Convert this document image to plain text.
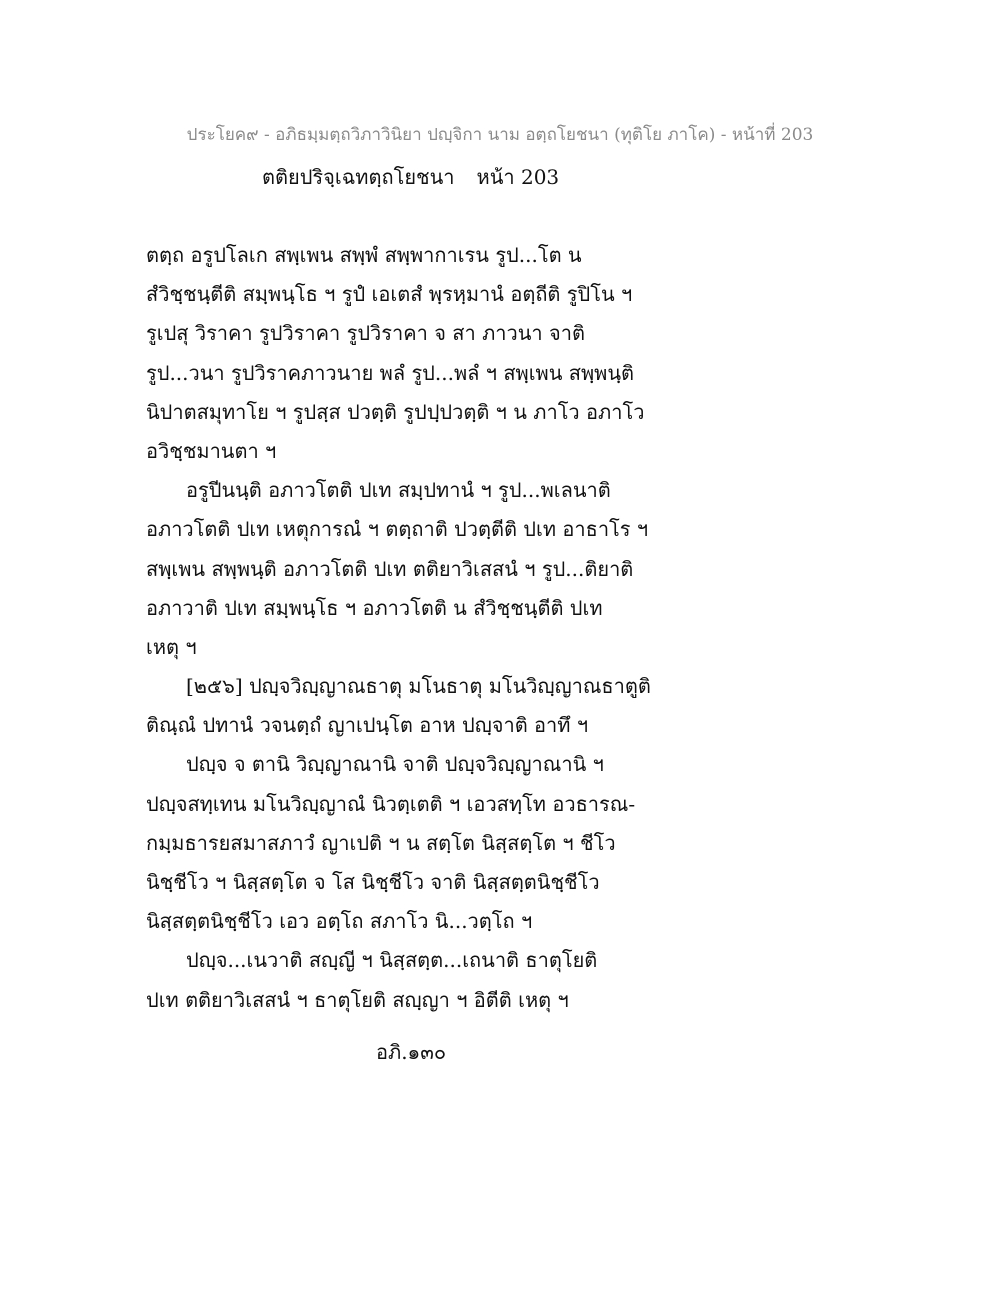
ประโยค๙ - อภิธมฺมตฺถวิภาวินิยา ปญฺจิกา นาม อตฺถโยชนา (ทุติโย ภาโค) - หน้าที่ 203
ตติยปริจฺเฉทตฺถโยชนา หน้า 203
ตตฺถ อรูปโลเก สพฺเพน สพฺพํ สพฺพากาเรน รูป...โต น
สํวิชฺชนฺตีติ สมฺพนฺโธ ฯ รูปํ เอเตสํ พฺรหฺมานํ อตฺถีติ รูปิโน ฯ
รูเปสุ วิราคา รูปวิราคา รูปวิราคา จ สา ภาวนา จาติ
รูป...วนา รูปวิราคภาวนาย พลํ รูป...พลํ ฯ สพฺเพน สพฺพนฺติ
นิปาตสมุทาโย ฯ รูปสฺส ปวตฺติ รูปปฺปวตฺติ ฯ น ภาโว อภาโว
อวิชฺชมานตา ฯ
อรูปีนนฺติ อภาวโตติ ปเท สมฺปทานํ ฯ รูป...พเลนาติ
อภาวโตติ ปเท เหตุการณํ ฯ ตตฺถาติ ปวตฺตีติ ปเท อาธาโร ฯ
สพฺเพน สพฺพนฺติ อภาวโตติ ปเท ตติยาวิเสสนํ ฯ รูป...ติยาติ
อภาวาติ ปเท สมฺพนฺโธ ฯ อภาวโตติ น สํวิชฺชนฺตีติ ปเท
เหตุ ฯ
[๒๕๖] ปญฺจวิญฺญาณธาตุ มโนธาตุ มโนวิญฺญาณธาตูติ
ติณฺณํ ปทานํ วจนตฺถํ ญาเปนฺโต อาห ปญฺจาติ อาทึ ฯ
ปญฺจ จ ตานิ วิญฺญาณานิ จาติ ปญฺจวิญฺญาณานิ ฯ
ปญฺจสทฺเทน มโนวิญฺญาณํ นิวตฺเตติ ฯ เอวสทฺโท อวธารณ-
กมฺมธารยสมาสภาวํ ญาเปติ ฯ น สตฺโต นิสฺสตฺโต ฯ ชีโว
นิชฺชีโว ฯ นิสฺสตฺโต จ โส นิชฺชีโว จาติ นิสฺสตฺตนิชฺชีโว
นิสฺสตฺตนิชฺชีโว เอว อตฺโถ สภาโว นิ...วตฺโถ ฯ
ปญฺจ...เนวาติ สญฺญี ฯ นิสฺสตฺต...เถนาติ ธาตุโยติ
ปเท ตติยาวิเสสนํ ฯ ธาตุโยติ สญฺญา ฯ อิตีติ เหตุ ฯ
อภิ.๑๓๐
